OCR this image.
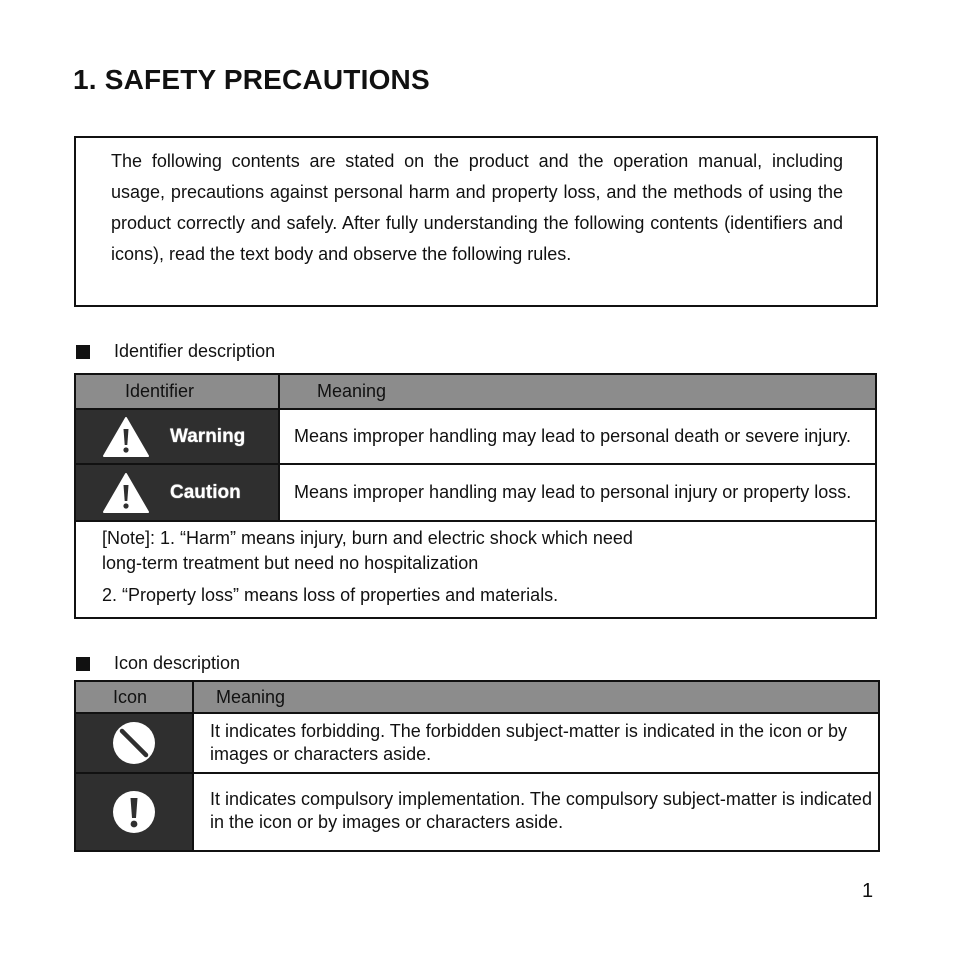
1. SAFETY PRECAUTIONS

The following contents are stated on the product and the operation manual, including usage, precautions against personal harm and property loss, and the methods of using the product correctly and safely. After fully understanding the following contents (identifiers and icons), read the text body and observe the following rules.

Identifier description
Identifier	Meaning

Warning	Means improper handling may lead to personal death or severe injury.

Caution	Means improper handling may lead to personal injury or property loss.

[Note]: 1. “Harm” means injury, burn and electric shock which need

long-term treatment but need no hospitalization

2. “Property loss” means loss of properties and materials.	

Icon description
Icon	Meaning

	It indicates forbidding. The forbidden subject-matter is indicated in the icon or by images or characters aside.

	It indicates compulsory implementation. The compulsory subject-matter is indicated in the icon or by images or characters aside.
1
